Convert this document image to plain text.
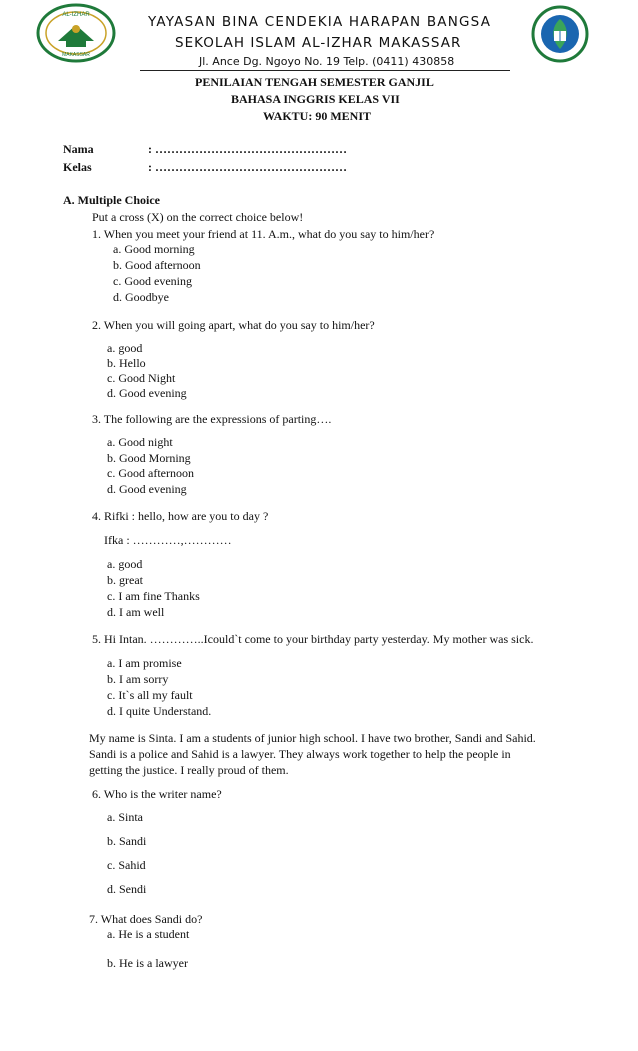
AL-IZHAR
MAKASSAR
YAYASAN BINA CENDEKIA HARAPAN BANGSA
SEKOLAH ISLAM AL-IZHAR MAKASSAR
Jl. Ance Dg. Ngoyo No. 19 Telp. (0411) 430858
PENILAIAN TENGAH SEMESTER GANJIL
BAHASA INGGRIS KELAS VII
WAKTU: 90 MENIT
Nama	: …………………………………………
Kelas	: …………………………………………
A. Multiple Choice
Put a cross (X) on the correct choice below!
1. When you meet your friend at 11. A.m., what do you say to him/her?
a. Good morning
b. Good afternoon
c. Good evening
d. Goodbye
2. When you will going apart, what do you say to him/her?
a. good
b. Hello
c. Good Night
d. Good evening
3. The following are the expressions of parting….
a. Good night
b. Good Morning
c. Good afternoon
d. Good evening
4. Rifki : hello, how are you to day ?
Ifka : …………,…………
a. good
b. great
c. I am fine Thanks
d. I am well
5. Hi Intan. …………..Icould`t come to your birthday party yesterday. My mother was sick.
a. I am promise
b. I am sorry
c. It`s all my fault
d. I quite Understand.
My name is Sinta. I am a students of junior high school. I have two brother, Sandi and Sahid.
Sandi is a police and Sahid is a lawyer. They always work together to help the people in
getting the justice. I really proud of them.
6. Who is the writer name?
a. Sinta
b. Sandi
c. Sahid
d. Sendi
7. What does Sandi do?
a. He is a student
b. He is a lawyer
